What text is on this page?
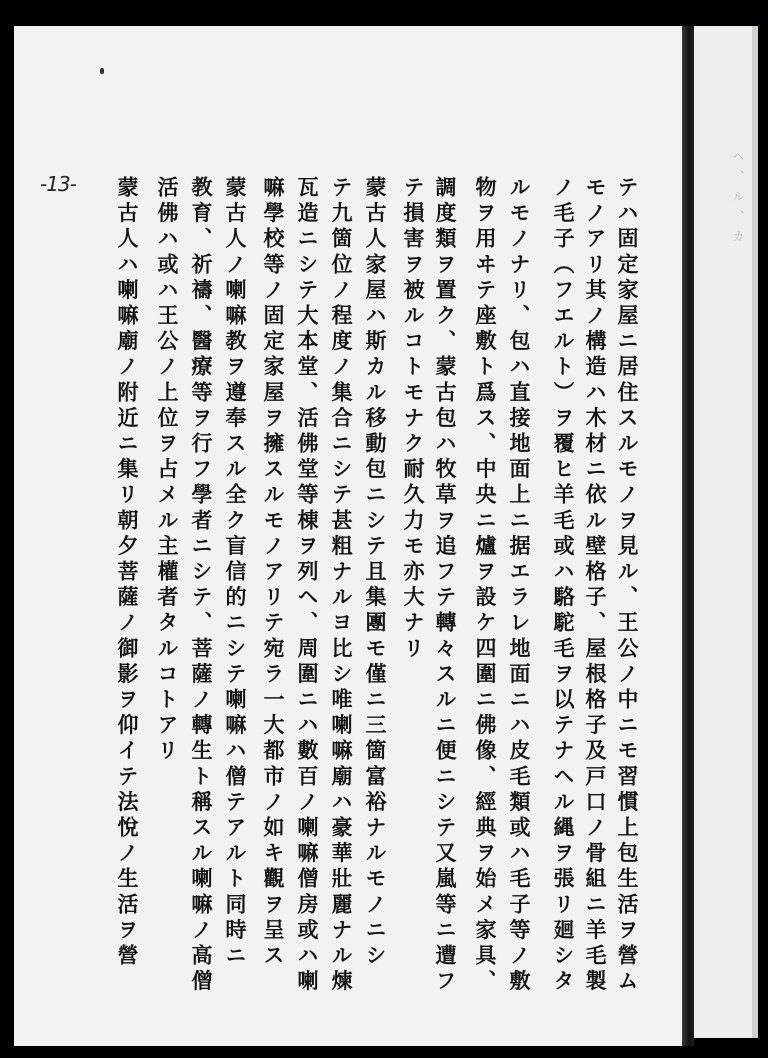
-13-	ヘ、ル、カ
テハ固定家屋ニ居住スルモノヲ見ル、王公ノ中ニモ習慣上包生活ヲ營ム
モノアリ其ノ構造ハ木材ニ依ル壁格子、屋根格子及戸口ノ骨組ニ羊毛製
ノ毛子（フエルト）ヲ覆ヒ羊毛或ハ駱駝毛ヲ以テナヘル縄ヲ張リ廻シタ
ルモノナリ、包ハ直接地面上ニ据エラレ地面ニハ皮毛類或ハ毛子等ノ敷
物ヲ用ヰテ座敷ト爲ス、中央ニ爐ヲ設ケ四圍ニ佛像、經典ヲ始メ家具、
調度類ヲ置ク、蒙古包ハ牧草ヲ追フテ轉々スルニ便ニシテ又嵐等ニ遭フ
テ損害ヲ被ルコトモナク耐久力モ亦大ナリ
蒙古人家屋ハ斯カル移動包ニシテ且集團モ僅ニ三箇富裕ナルモノニシ
テ九箇位ノ程度ノ集合ニシテ甚粗ナルヨ比シ唯喇嘛廟ハ豪華壯麗ナル煉
瓦造ニシテ大本堂、活佛堂等棟ヲ列ヘ、周圍ニハ數百ノ喇嘛僧房或ハ喇
嘛學校等ノ固定家屋ヲ擁スルモノアリテ宛ラ一大都市ノ如キ觀ヲ呈ス
蒙古人ノ喇嘛教ヲ遵奉スル全ク盲信的ニシテ喇嘛ハ僧テアルト同時ニ
教育、祈禱、醫療等ヲ行フ學者ニシテ、菩薩ノ轉生ト稱スル喇嘛ノ高僧
活佛ハ或ハ王公ノ上位ヲ占メル主權者タルコトアリ
蒙古人ハ喇嘛廟ノ附近ニ集リ朝夕菩薩ノ御影ヲ仰イテ法悅ノ生活ヲ營
